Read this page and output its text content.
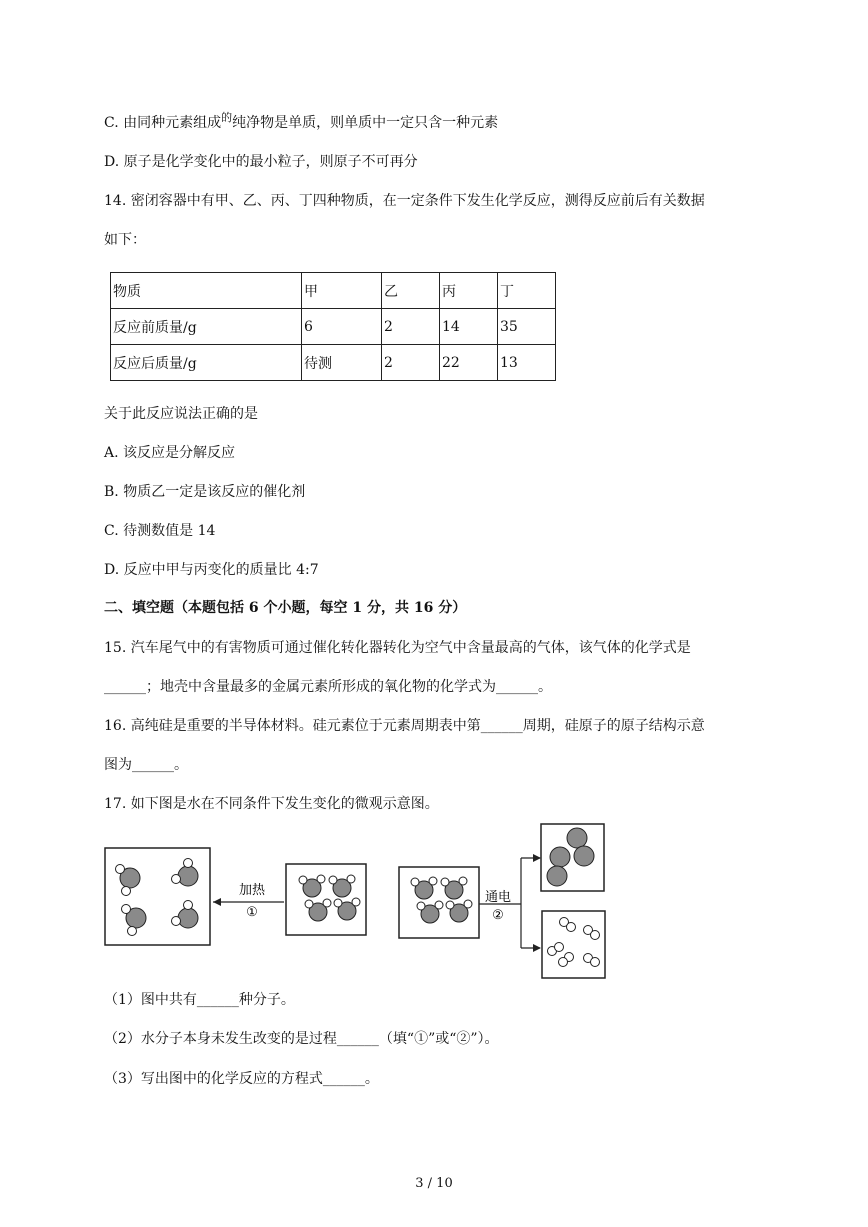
C. 由同种元素组成$^的$纯净物是单质，则单质中一定只含一种元素
D. 原子是化学变化中的最小粒子，则原子不可再分
14. 密闭容器中有甲、乙、丙、丁四种物质，在一定条件下发生化学反应，测得反应前后有关数据
如下：
物质	甲	乙	丙	丁
反应前质量/g	6	2	14	35
反应后质量/g	待测	2	22	13
关于此反应说法正确的是
A. 该反应是分解反应
B. 物质乙一定是该反应的催化剂
C. 待测数值是 14
D. 反应中甲与丙变化的质量比 4:7
二、填空题（本题包括 6 个小题，每空 1 分，共 16 分）
15. 汽车尾气中的有害物质可通过催化转化器转化为空气中含量最高的气体，该气体的化学式是
______；地壳中含量最多的金属元素所形成的氧化物的化学式为______。
16. 高纯硅是重要的半导体材料。硅元素位于元素周期表中第______周期，硅原子的原子结构示意
图为______。
17. 如下图是水在不同条件下发生变化的微观示意图。
加热
①
通电
②
（1）图中共有______种分子。
（2）水分子本身未发生改变的是过程______（填“①”或“②”）。
（3）写出图中的化学反应的方程式______。
3 / 10
